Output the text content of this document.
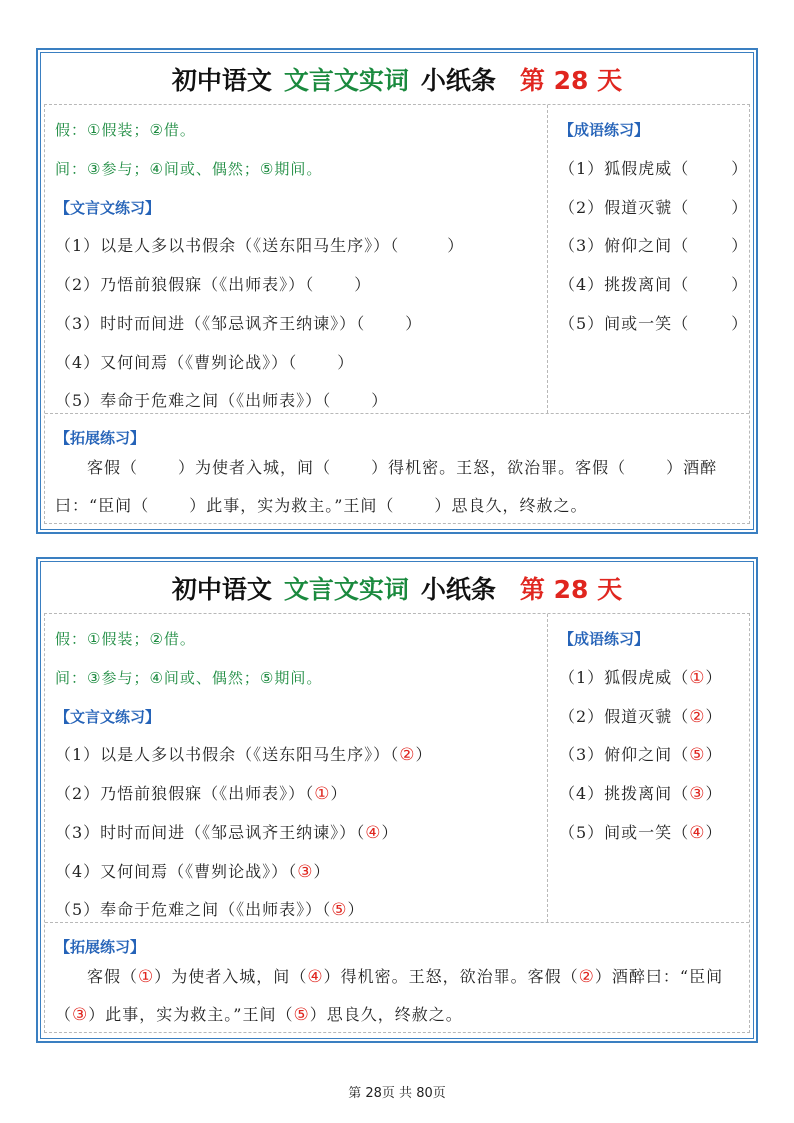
初中语文 文言文实词 小纸条 第 28 天
假：①假装；②借。
间：③参与；④间或、偶然；⑤期间。
【文言文练习】
（1）以是人多以书假余（《送东阳马生序》）（	）
（2）乃悟前狼假寐（《出师表》）（	）
（3）时时而间进（《邹忌讽齐王纳谏》）（	）
（4）又何间焉（《曹刿论战》）（	）
（5）奉命于危难之间（《出师表》）（	）
【成语练习】
（1）狐假虎威（	）
（2）假道灭虢（	）
（3）俯仰之间（	）
（4）挑拨离间（	）
（5）间或一笑（	）
【拓展练习】
客假（	）为使者入城，间（	）得机密。王怒，欲治罪。客假（	）酒醉曰：“臣间（	）此事，实为救主。”王间（	）思良久，终赦之。
初中语文 文言文实词 小纸条 第 28 天
假：①假装；②借。
间：③参与；④间或、偶然；⑤期间。
【文言文练习】
（1）以是人多以书假余（《送东阳马生序》）（②）
（2）乃悟前狼假寐（《出师表》）（①）
（3）时时而间进（《邹忌讽齐王纳谏》）（④）
（4）又何间焉（《曹刿论战》）（③）
（5）奉命于危难之间（《出师表》）（⑤）
【成语练习】
（1）狐假虎威（①）
（2）假道灭虢（②）
（3）俯仰之间（⑤）
（4）挑拨离间（③）
（5）间或一笑（④）
【拓展练习】
客假（①）为使者入城，间（④）得机密。王怒，欲治罪。客假（②）酒醉曰：“臣间（③）此事，实为救主。”王间（⑤）思良久，终赦之。
第 28页 共 80页
